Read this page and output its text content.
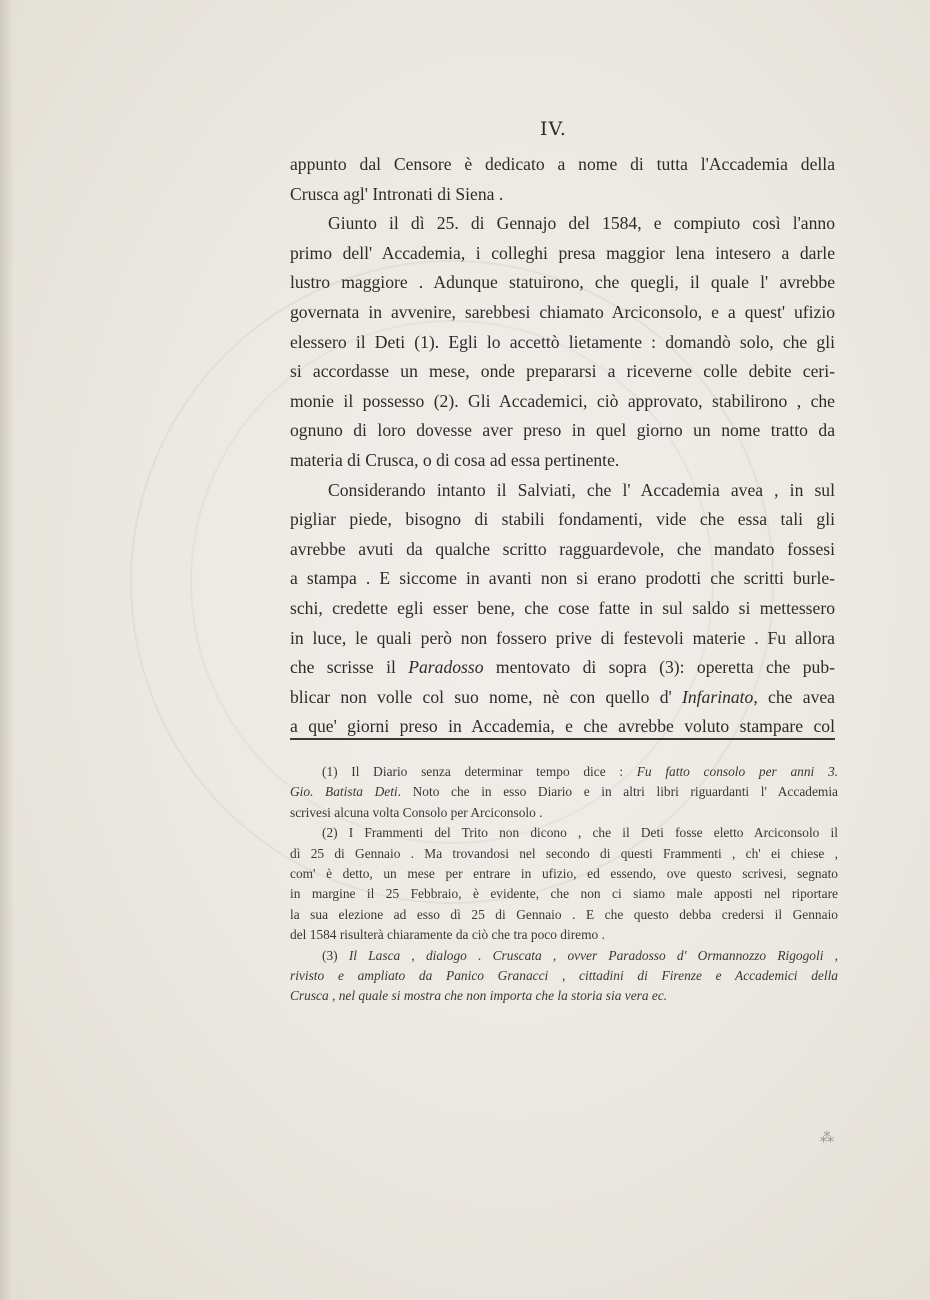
IV.
appunto dal Censore è dedicato a nome di tutta l'Accademia della
Crusca agl' Intronati di Siena .
Giunto il dì 25. di Gennajo del 1584, e compiuto così l'anno
primo dell' Accademia, i colleghi presa maggior lena intesero a darle
lustro maggiore . Adunque statuirono, che quegli, il quale l' avrebbe
governata in avvenire, sarebbesi chiamato Arciconsolo, e a quest' ufizio
elessero il Deti (1). Egli lo accettò lietamente : domandò solo, che gli
si accordasse un mese, onde prepararsi a riceverne colle debite ceri-
monie il possesso (2). Gli Accademici, ciò approvato, stabilirono , che
ognuno di loro dovesse aver preso in quel giorno un nome tratto da
materia di Crusca, o di cosa ad essa pertinente.
Considerando intanto il Salviati, che l' Accademia avea , in sul
pigliar piede, bisogno di stabili fondamenti, vide che essa tali gli
avrebbe avuti da qualche scritto ragguardevole, che mandato fossesi
a stampa . E siccome in avanti non si erano prodotti che scritti burle-
schi, credette egli esser bene, che cose fatte in sul saldo si mettessero
in luce, le quali però non fossero prive di festevoli materie . Fu allora
che scrisse il Paradosso mentovato di sopra (3): operetta che pub-
blicar non volle col suo nome, nè con quello d' Infarinato, che avea
a que' giorni preso in Accademia, e che avrebbe voluto stampare col
(1) Il Diario senza determinar tempo dice : Fu fatto consolo per anni 3.
Gio. Batista Deti. Noto che in esso Diario e in altri libri riguardanti l' Accademia
scrivesi alcuna volta Consolo per Arciconsolo .
(2) I Frammenti del Trito non dicono , che il Deti fosse eletto Arciconsolo il
dì 25 di Gennaio . Ma trovandosi nel secondo di questi Frammenti , ch' ei chiese ,
com' è detto, un mese per entrare in ufizio, ed essendo, ove questo scrivesi, segnato
in margine il 25 Febbraio, è evidente, che non ci siamo male apposti nel riportare
la sua elezione ad esso dì 25 di Gennaio . E che questo debba credersi il Gennaio
del 1584 risulterà chiaramente da ciò che tra poco diremo .
(3) Il Lasca , dialogo . Cruscata , ovver Paradosso d' Ormannozzo Rigogoli ,
rivisto e ampliato da Panico Granacci , cittadini di Firenze e Accademici della
Crusca , nel quale si mostra che non importa che la storia sia vera ec.
⁂
